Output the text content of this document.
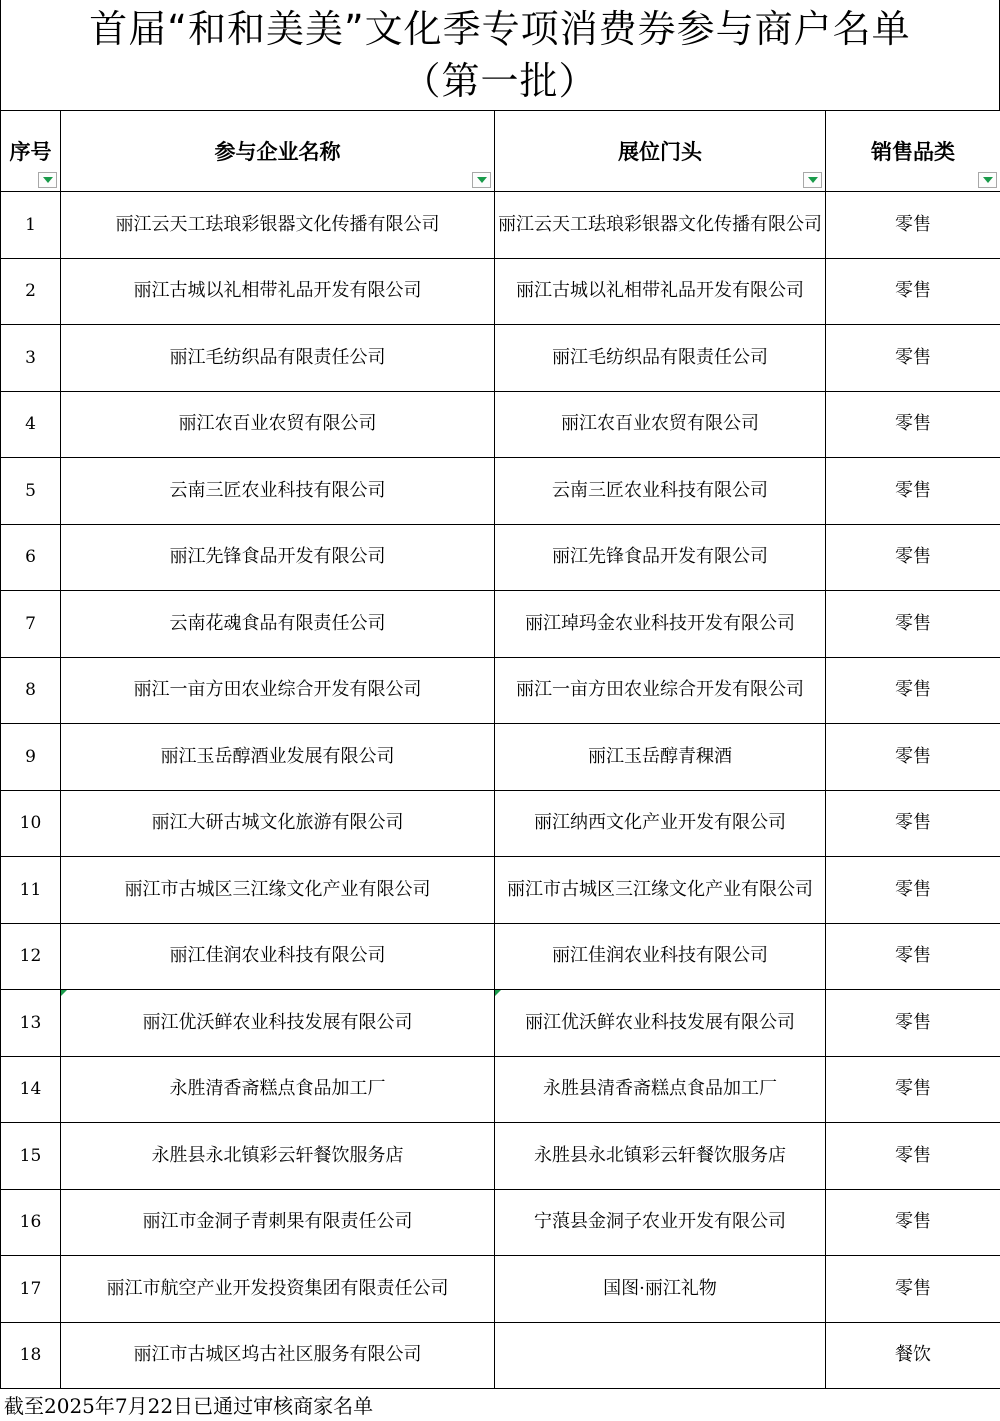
首届“和和美美”文化季专项消费券参与商户名单
（第一批）
序号	参与企业名称	展位门头	销售品类

1	丽江云天工珐琅彩银器文化传播有限公司	丽江云天工珐琅彩银器文化传播有限公司	零售
2	丽江古城以礼相带礼品开发有限公司	丽江古城以礼相带礼品开发有限公司	零售
3	丽江毛纺织品有限责任公司	丽江毛纺织品有限责任公司	零售
4	丽江农百业农贸有限公司	丽江农百业农贸有限公司	零售
5	云南三匠农业科技有限公司	云南三匠农业科技有限公司	零售
6	丽江先锋食品开发有限公司	丽江先锋食品开发有限公司	零售
7	云南花魂食品有限责任公司	丽江琸玛金农业科技开发有限公司	零售
8	丽江一亩方田农业综合开发有限公司	丽江一亩方田农业综合开发有限公司	零售
9	丽江玉岳醇酒业发展有限公司	丽江玉岳醇青稞酒	零售
10	丽江大研古城文化旅游有限公司	丽江纳西文化产业开发有限公司	零售
11	丽江市古城区三江缘文化产业有限公司	丽江市古城区三江缘文化产业有限公司	零售
12	丽江佳润农业科技有限公司	丽江佳润农业科技有限公司	零售
13	丽江优沃鲜农业科技发展有限公司	丽江优沃鲜农业科技发展有限公司	零售
14	永胜清香斋糕点食品加工厂	永胜县清香斋糕点食品加工厂	零售
15	永胜县永北镇彩云轩餐饮服务店	永胜县永北镇彩云轩餐饮服务店	零售
16	丽江市金洞子青刺果有限责任公司	宁蒗县金洞子农业开发有限公司	零售
17	丽江市航空产业开发投资集团有限责任公司	国图·丽江礼物	零售
18	丽江市古城区坞古社区服务有限公司		餐饮
截至2025年7月22日已通过审核商家名单
